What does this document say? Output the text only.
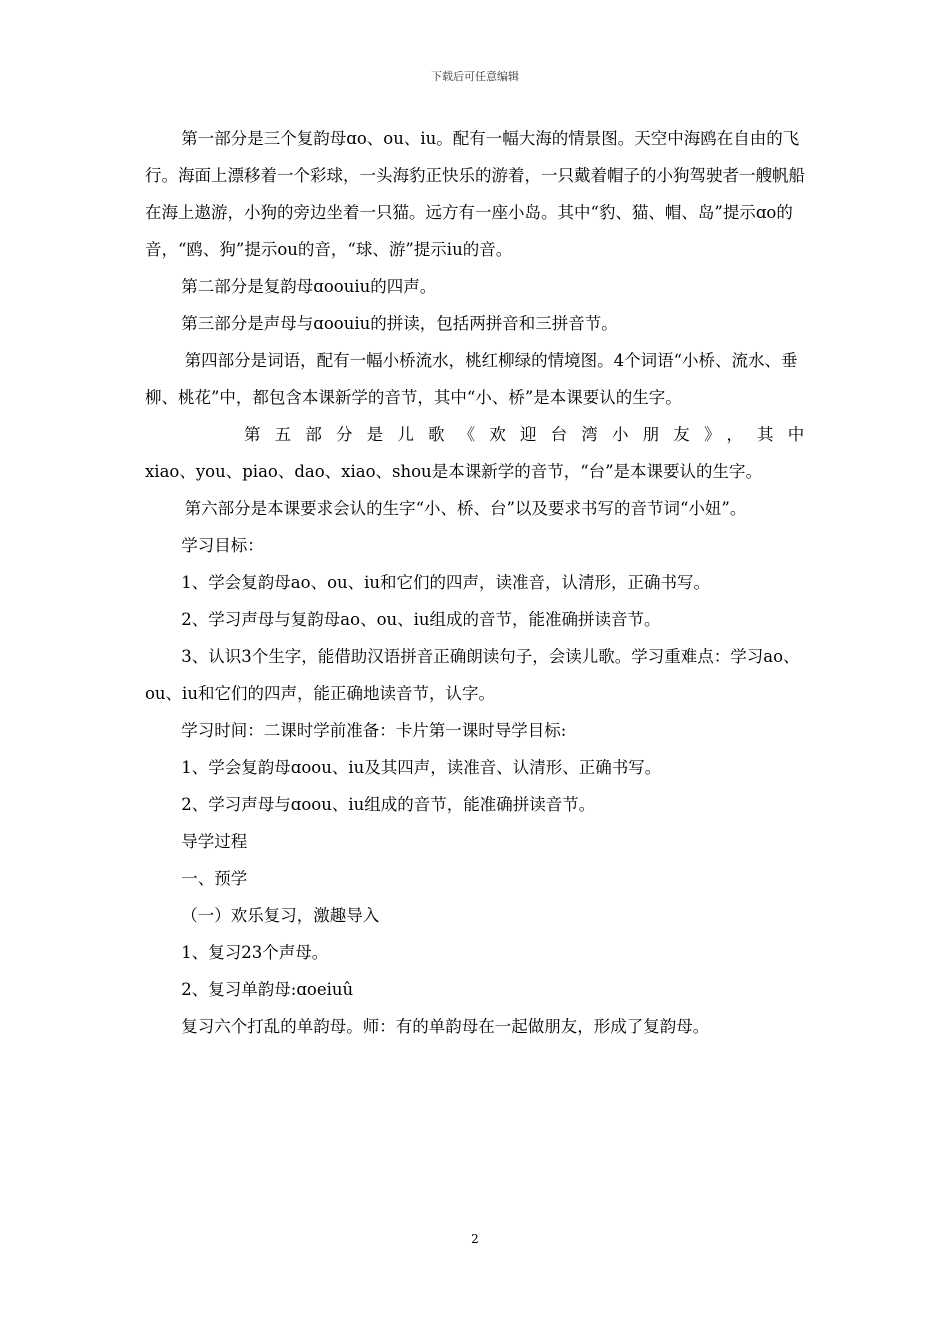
下载后可任意编辑

第一部分是三个复韵母ɑo、ou、iu。配有一幅大海的情景图。天空中海鸥在自由的飞行。海面上漂移着一个彩球，一头海豹正快乐的游着，一只戴着帽子的小狗驾驶者一艘帆船在海上遨游，小狗的旁边坐着一只猫。远方有一座小岛。其中“豹、猫、帽、岛”提示ɑo的音，“鸥、狗”提示ou的音，“球、游”提示iu的音。

第二部分是复韵母ɑoouiu的四声。

第三部分是声母与ɑoouiu的拼读，包括两拼音和三拼音节。

第四部分是词语，配有一幅小桥流水，桃红柳绿的情境图。4个词语“小桥、流水、垂柳、桃花”中，都包含本课新学的音节，其中“小、桥”是本课要认的生字。

第五部分是儿歌《欢迎台湾小朋友》，其中

xiao、you、piao、dao、xiao、shou是本课新学的音节，“台”是本课要认的生字。

第六部分是本课要求会认的生字“小、桥、台”以及要求书写的音节词“小妞”。

学习目标：

1、学会复韵母ao、ou、iu和它们的四声，读准音，认清形，正确书写。

2、学习声母与复韵母ao、ou、iu组成的音节，能准确拼读音节。

3、认识3个生字，能借助汉语拼音正确朗读句子，会读儿歌。学习重难点：学习ao、ou、iu和它们的四声，能正确地读音节，认字。

学习时间：二课时学前准备：卡片第一课时导学目标:

1、学会复韵母ɑoou、iu及其四声，读准音、认清形、正确书写。

2、学习声母与ɑoou、iu组成的音节，能准确拼读音节。

导学过程

一、预学

（一）欢乐复习，激趣导入

1、复习23个声母。

2、复习单韵母:ɑoeiuû

复习六个打乱的单韵母。师：有的单韵母在一起做朋友，形成了复韵母。

2
